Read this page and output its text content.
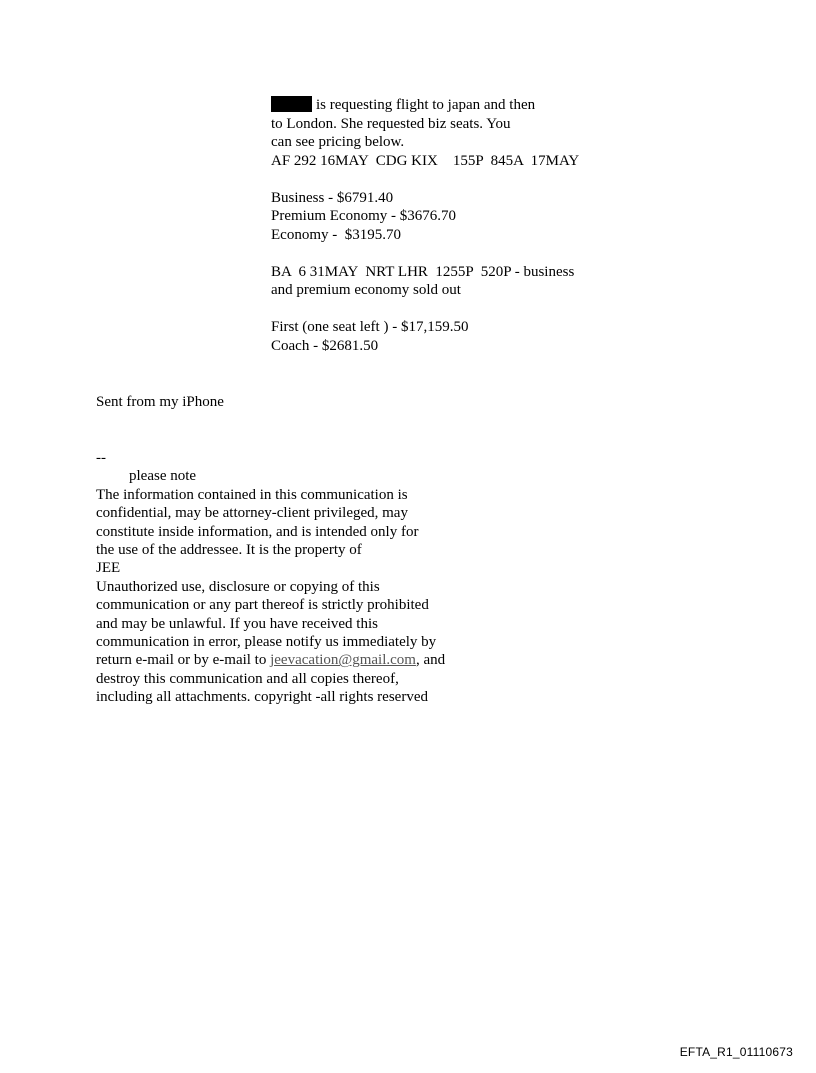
is requesting flight to japan and then
to London. She requested biz seats. You
can see pricing below.
AF 292 16MAY  CDG KIX    155P  845A  17MAY
Business - $6791.40
Premium Economy - $3676.70
Economy -  $3195.70
BA  6 31MAY  NRT LHR  1255P  520P - business
and premium economy sold out
First (one seat left ) - $17,159.50
Coach - $2681.50
Sent from my iPhone
--
please note
The information contained in this communication is
confidential, may be attorney-client privileged, may
constitute inside information, and is intended only for
the use of the addressee. It is the property of
JEE
Unauthorized use, disclosure or copying of this
communication or any part thereof is strictly prohibited
and may be unlawful. If you have received this
communication in error, please notify us immediately by
return e-mail or by e-mail to jeevacation@gmail.com, and
destroy this communication and all copies thereof,
including all attachments. copyright -all rights reserved
EFTA_R1_01110673
